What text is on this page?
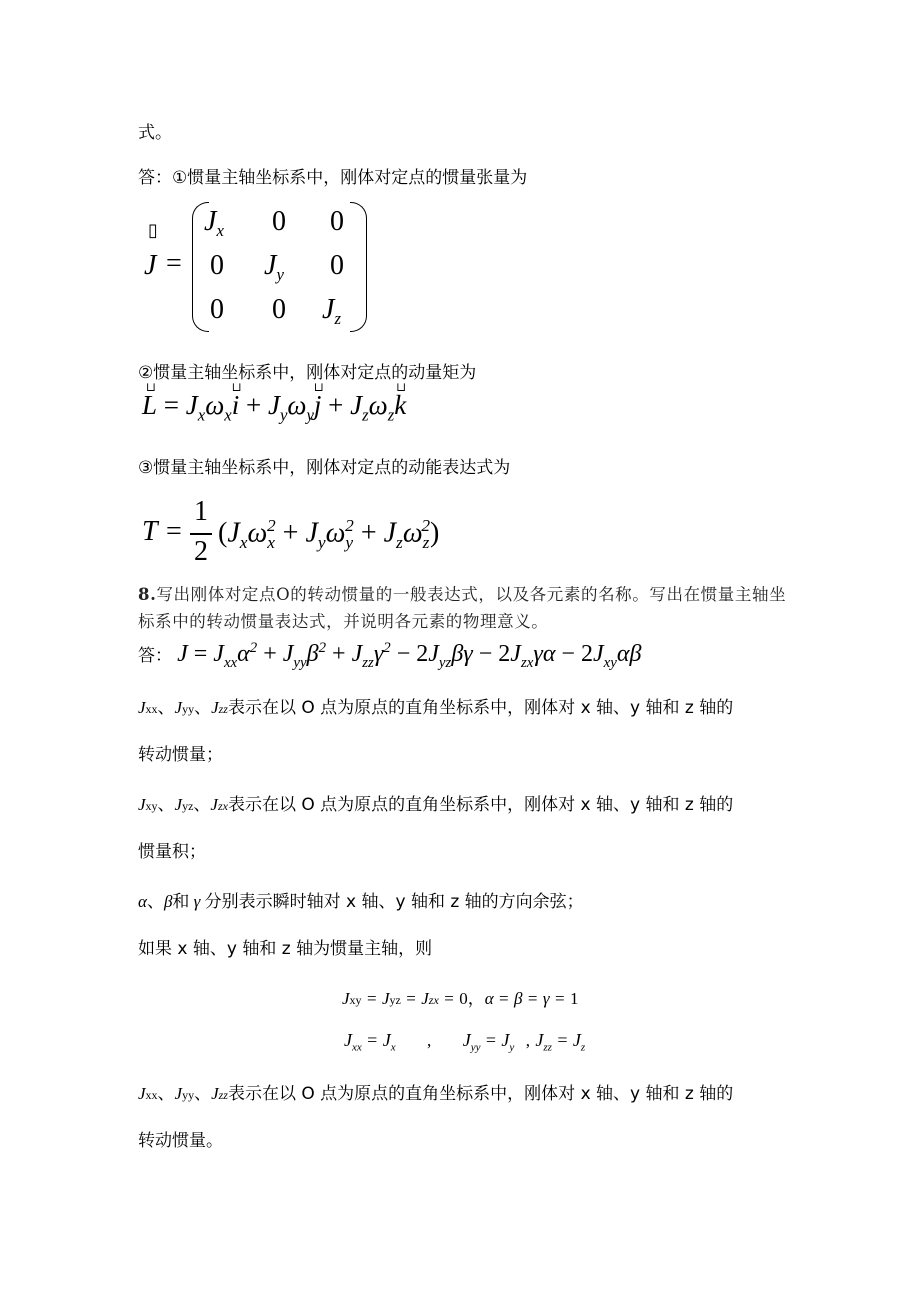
式。
答：①惯量主轴坐标系中，刚体对定点的惯量张量为
J
▯
=
$J_x$ 0 0
0 $J_y$ 0
0 0 $J_z$
②惯量主轴坐标系中，刚体对定点的动量矩为
L
⊔
= $J_x\omega_xi$
⊔
+ $J_y\omega_yj$
⊔
+ $J_z\omega_zk$
⊔
③惯量主轴坐标系中，刚体对定点的动能表达式为
T =
1
2
$(J_x\omega_x^2 + J_y\omega_y^2 + J_z\omega_z^2)$
8.写出刚体对定点O的转动惯量的一般表达式，以及各元素的名称。写出在惯量主轴坐标系中的转动惯量表达式，并说明各元素的物理意义。
答： $J = J_{xx}\alpha^2 + J_{yy}\beta^2 + J_{zz}\gamma^2 - 2J_{yz}\beta\gamma - 2J_{zx}\gamma\alpha - 2J_{xy}\alpha\beta$
Jxx、Jyy、Jzz表示在以 O 点为原点的直角坐标系中，刚体对 x 轴、y 轴和 z 轴的
转动惯量；
Jxy、Jyz、Jzx表示在以 O 点为原点的直角坐标系中，刚体对 x 轴、y 轴和 z 轴的
惯量积；
α、β和 γ 分别表示瞬时轴对 x 轴、y 轴和 z 轴的方向余弦；
如果 x 轴、y 轴和 z 轴为惯量主轴，则
Jxy = Jyz = Jzx = 0，α = β = γ = 1
$J_{xx} = J_x$ , $J_{yy} = J_y$ , $J_{zz} = J_z$
Jxx、Jyy、Jzz表示在以 O 点为原点的直角坐标系中，刚体对 x 轴、y 轴和 z 轴的
转动惯量。
